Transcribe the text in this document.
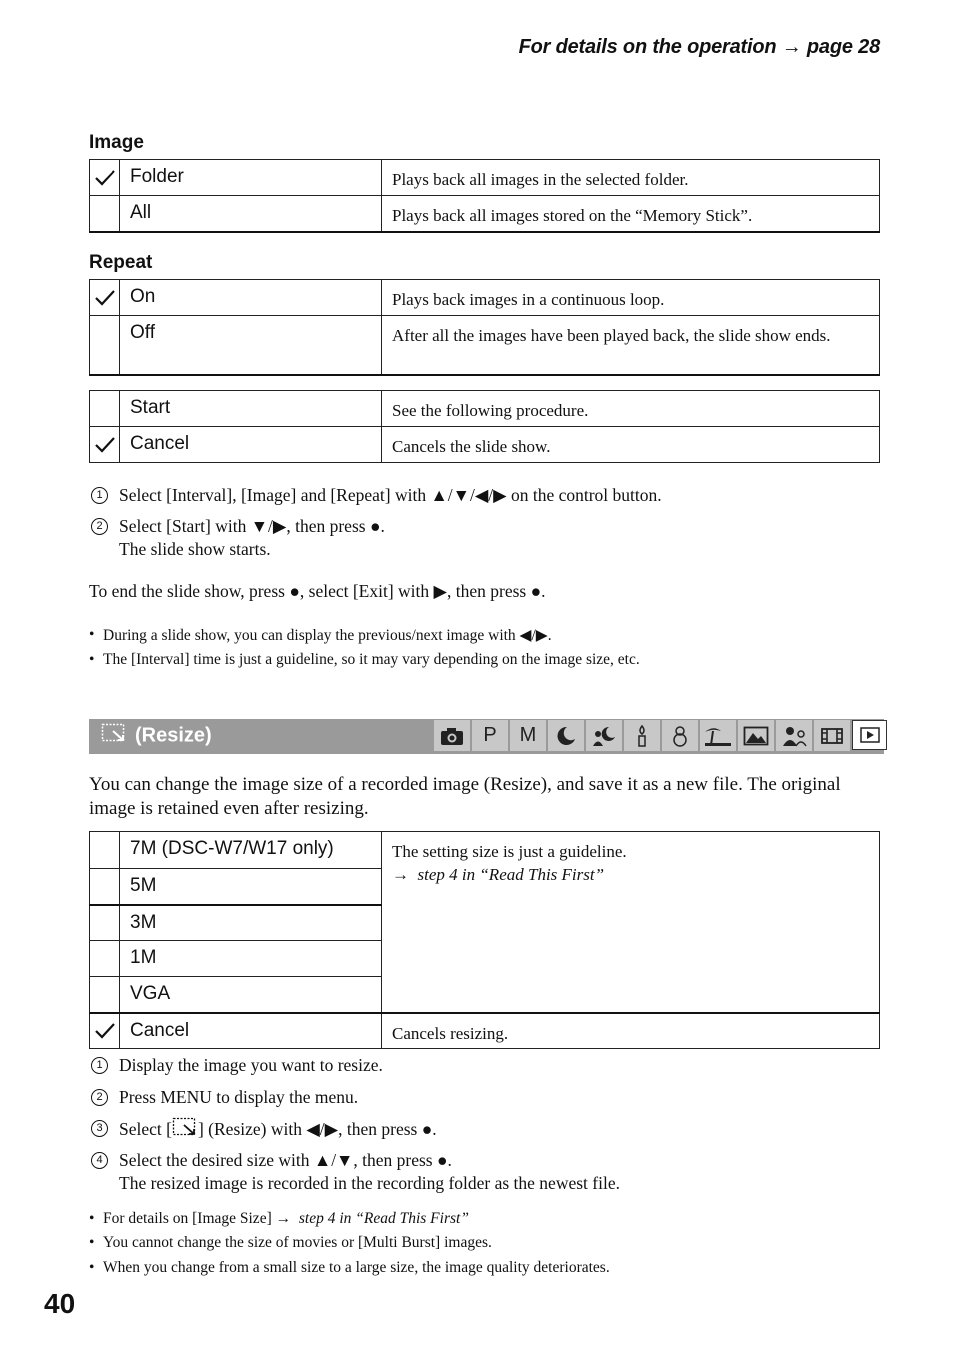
For details on the operation → page 28
Image
	Folder	Plays back all images in the selected folder.
	All	Plays back all images stored on the “Memory Stick”.
Repeat
	On	Plays back images in a continuous loop.
	Off	After all the images have been played back, the slide show ends.
	Start	See the following procedure.

	Cancel	Cancels the slide show.
1 Select [Interval], [Image] and [Repeat] with ▲/▼/◀/▶ on the control button.
2 Select [Start] with ▼/▶, then press ●.
The slide show starts.
To end the slide show, press ●, select [Exit] with ▶, then press ●.
• During a slide show, you can display the previous/next image with ◀/▶.
• The [Interval] time is just a guideline, so it may vary depending on the image size, etc.
(Resize)	P	M
You can change the image size of a recorded image (Resize), and save it as a new file. The original image is retained even after resizing.
	7M (DSC-W7/W17 only)	The setting size is just a guideline.
→ step 4 in “Read This First”

	5M	
	3M	
	1M	
	VGA	

	Cancel	Cancels resizing.
1 Display the image you want to resize.
2 Press MENU to display the menu.
3 Select [ ] (Resize) with ◀/▶, then press ●.
4 Select the desired size with ▲/▼, then press ●.
The resized image is recorded in the recording folder as the newest file.
• For details on [Image Size] → step 4 in “Read This First”
• You cannot change the size of movies or [Multi Burst] images.
• When you change from a small size to a large size, the image quality deteriorates.
40
